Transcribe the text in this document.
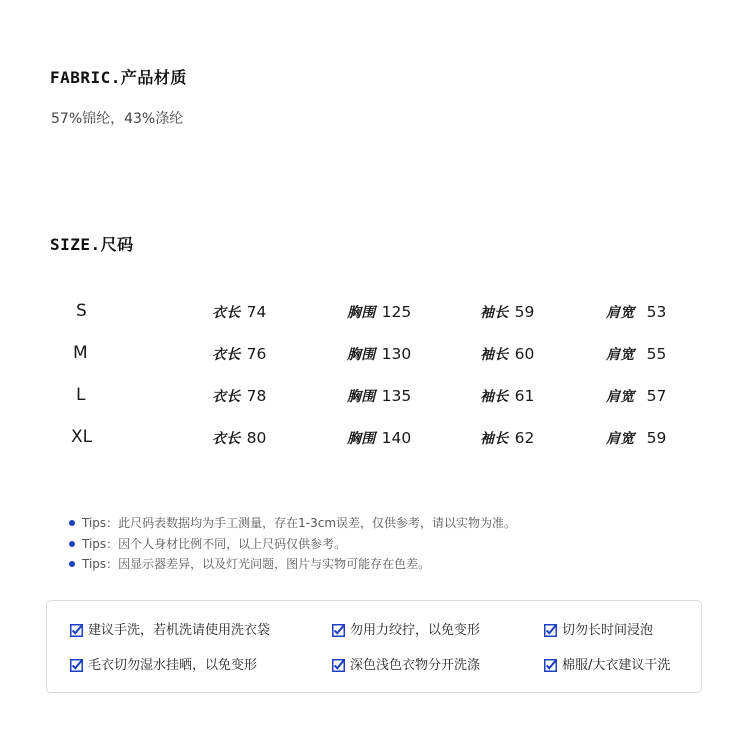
FABRIC.产品材质
57%锦纶，43%涤纶
SIZE.尺码
S	衣长 74	胸围 125	袖长 59	肩宽 53
M	衣长 76	胸围 130	袖长 60	肩宽 55
L	衣长 78	胸围 135	袖长 61	肩宽 57
XL	衣长 80	胸围 140	袖长 62	肩宽 59
Tips：此尺码表数据均为手工测量，存在1-3cm误差，仅供参考，请以实物为准。
Tips：因个人身材比例不同，以上尺码仅供参考。
Tips：因显示器差异，以及灯光问题，图片与实物可能存在色差。
建议手洗，若机洗请使用洗衣袋	勿用力绞拧，以免变形	切勿长时间浸泡
毛衣切勿湿水挂晒，以免变形	深色浅色衣物分开洗涤	棉服/大衣建议干洗
